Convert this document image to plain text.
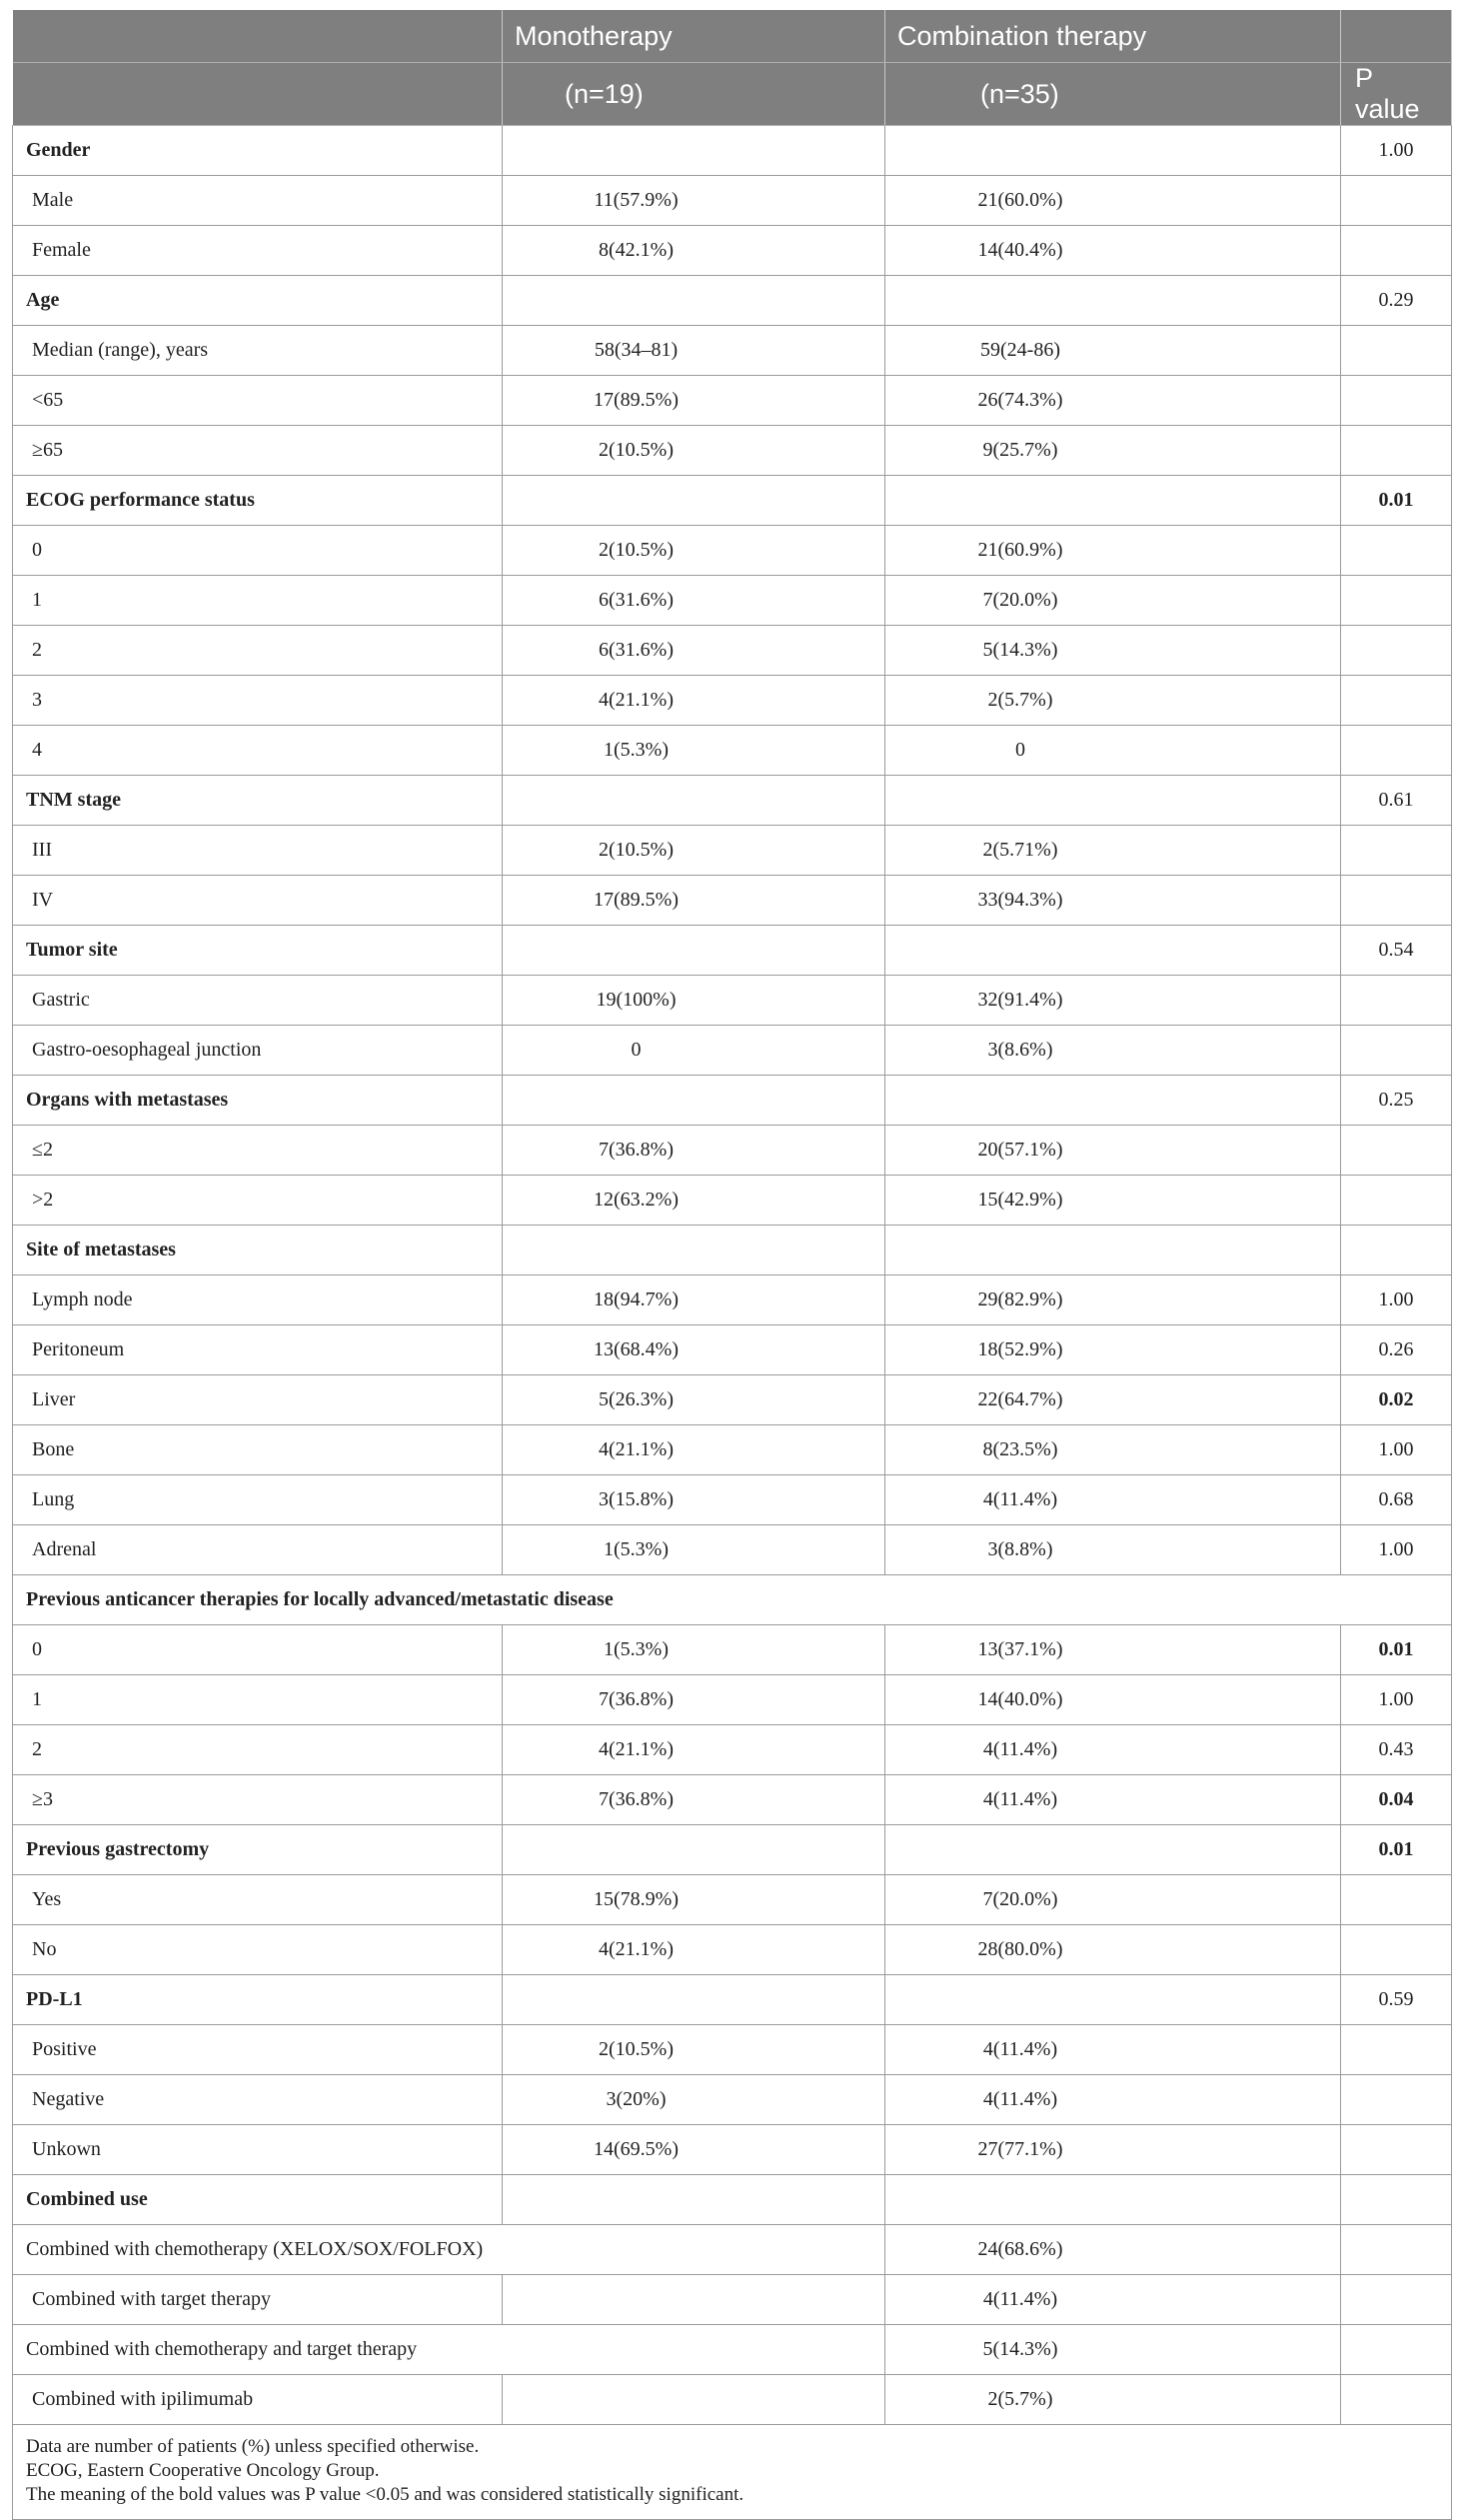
	Monotherapy	Combination therapy	
	(n=19)	(n=35)	P value
Gender			1.00
Male	11(57.9%)	21(60.0%)	
Female	8(42.1%)	14(40.4%)	
Age			0.29
Median (range), years	58(34–81)	59(24-86)	
<65	17(89.5%)	26(74.3%)	
≥65	2(10.5%)	9(25.7%)	
ECOG performance status			0.01
0	2(10.5%)	21(60.9%)	
1	6(31.6%)	7(20.0%)	
2	6(31.6%)	5(14.3%)	
3	4(21.1%)	2(5.7%)	
4	1(5.3%)	0	
TNM stage			0.61
III	2(10.5%)	2(5.71%)	
IV	17(89.5%)	33(94.3%)	
Tumor site			0.54
Gastric	19(100%)	32(91.4%)	
Gastro-oesophageal junction	0	3(8.6%)	
Organs with metastases			0.25
≤2	7(36.8%)	20(57.1%)	
>2	12(63.2%)	15(42.9%)	
Site of metastases			
Lymph node	18(94.7%)	29(82.9%)	1.00
Peritoneum	13(68.4%)	18(52.9%)	0.26
Liver	5(26.3%)	22(64.7%)	0.02
Bone	4(21.1%)	8(23.5%)	1.00
Lung	3(15.8%)	4(11.4%)	0.68
Adrenal	1(5.3%)	3(8.8%)	1.00
Previous anticancer therapies for locally advanced/metastatic disease			
0	1(5.3%)	13(37.1%)	0.01
1	7(36.8%)	14(40.0%)	1.00
2	4(21.1%)	4(11.4%)	0.43
≥3	7(36.8%)	4(11.4%)	0.04
Previous gastrectomy			0.01
Yes	15(78.9%)	7(20.0%)	
No	4(21.1%)	28(80.0%)	
PD-L1			0.59
Positive	2(10.5%)	4(11.4%)	
Negative	3(20%)	4(11.4%)	
Unkown	14(69.5%)	27(77.1%)	
Combined use			
Combined with chemotherapy (XELOX/SOX/FOLFOX)		24(68.6%)	
Combined with target therapy		4(11.4%)	
Combined with chemotherapy and target therapy		5(14.3%)	
Combined with ipilimumab		2(5.7%)	

Data are number of patients (%) unless specified otherwise.
ECOG, Eastern Cooperative Oncology Group.
The meaning of the bold values was P value <0.05 and was considered statistically significant.			
